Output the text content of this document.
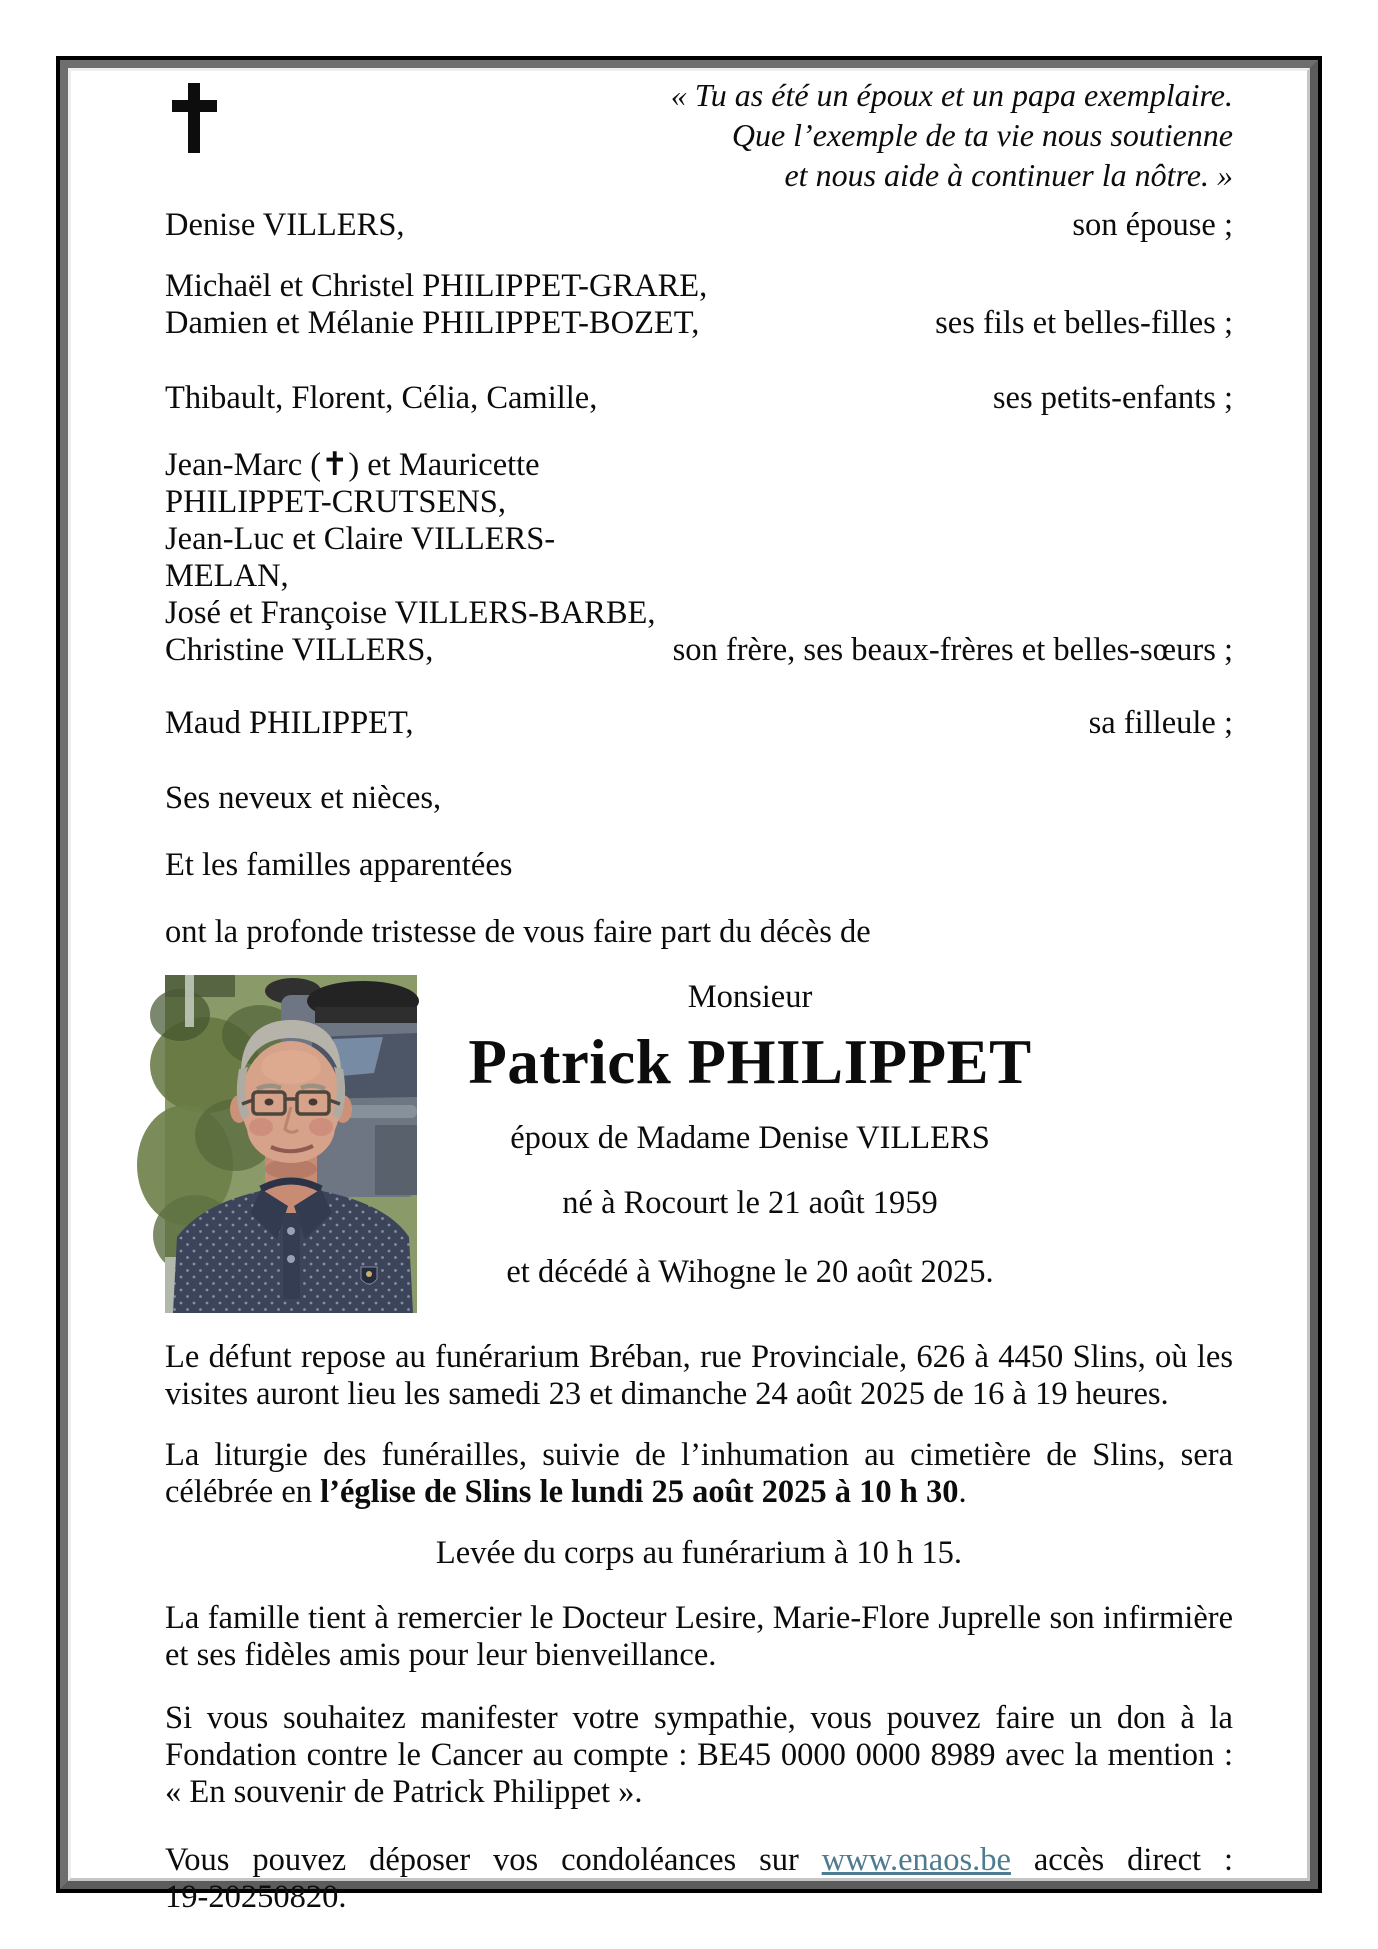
« Tu as été un époux et un papa exemplaire.
Que l’exemple de ta vie nous soutienne
et nous aide à continuer la nôtre. »
Denise VILLERS,	son épouse ;
Michaël et Christel PHILIPPET-GRARE,
Damien et Mélanie PHILIPPET-BOZET,	ses fils et belles-filles ;
Thibault, Florent, Célia, Camille,	ses petits-enfants ;
Jean-Marc (✝) et Mauricette PHILIPPET-CRUTSENS,
Jean-Luc et Claire VILLERS-MELAN,
José et Françoise VILLERS-BARBE,
Christine VILLERS,	son frère, ses beaux-frères et belles-sœurs ;
Maud PHILIPPET,	sa filleule ;
Ses neveux et nièces,
Et les familles apparentées
ont la profonde tristesse de vous faire part du décès de
Monsieur
Patrick PHILIPPET
époux de Madame Denise VILLERS
né à Rocourt le 21 août 1959
et décédé à Wihogne le 20 août 2025.
Le défunt repose au funérarium Bréban, rue Provinciale, 626 à 4450 Slins, où les
visites auront lieu les samedi 23 et dimanche 24 août 2025 de 16 à 19 heures.
La liturgie des funérailles, suivie de l’inhumation au cimetière de Slins, sera
célébrée en l’église de Slins le lundi 25 août 2025 à 10 h 30.
Levée du corps au funérarium à 10 h 15.
La famille tient à remercier le Docteur Lesire, Marie-Flore Juprelle son infirmière
et ses fidèles amis pour leur bienveillance.
Si vous souhaitez manifester votre sympathie, vous pouvez faire un don à la
Fondation contre le Cancer au compte : BE45 0000 0000 8989 avec la mention :
« En souvenir de Patrick Philippet ».
Vous pouvez déposer vos condoléances sur www.enaos.be accès direct :
19-20250820.
